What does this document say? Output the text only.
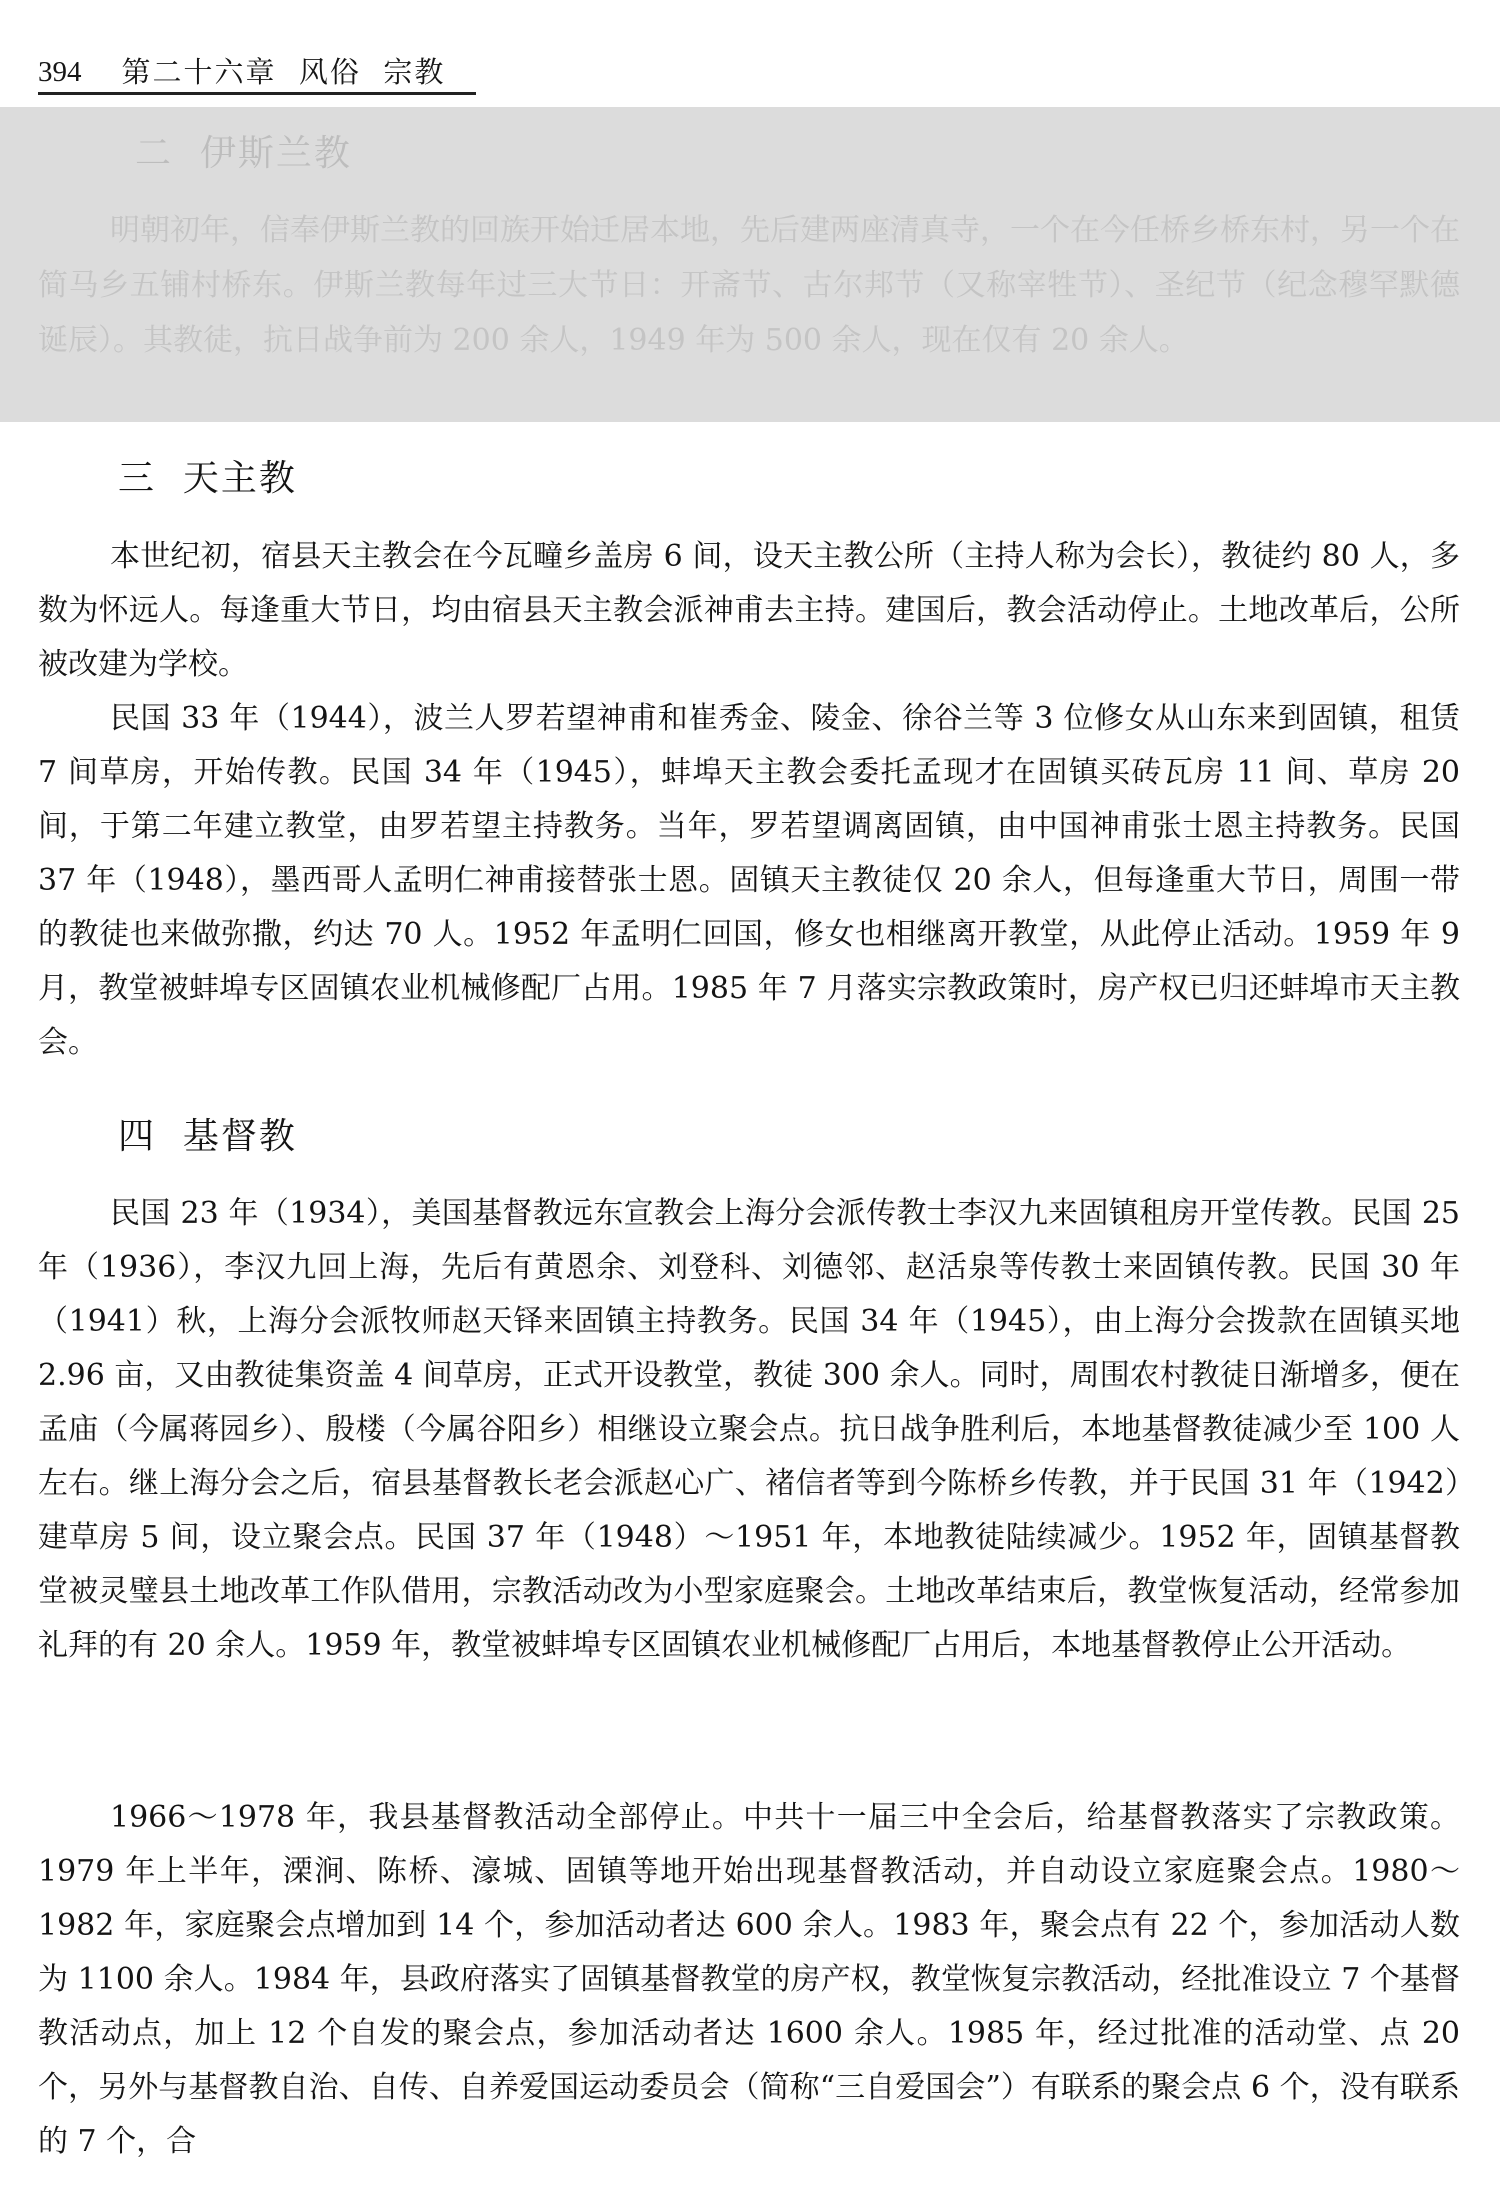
394 第二十六章  风俗  宗教
二  伊斯兰教
明朝初年，信奉伊斯兰教的回族开始迁居本地，先后建两座清真寺，一个在今任桥乡桥东村，另一个在简马乡五铺村桥东。伊斯兰教每年过三大节日：开斋节、古尔邦节（又称宰牲节）、圣纪节（纪念穆罕默德诞辰）。其教徒，抗日战争前为 200 余人，1949 年为 500 余人，现在仅有 20 余人。
三  天主教
本世纪初，宿县天主教会在今瓦疃乡盖房 6 间，设天主教公所（主持人称为会长），教徒约 80 人，多数为怀远人。每逢重大节日，均由宿县天主教会派神甫去主持。建国后，教会活动停止。土地改革后，公所被改建为学校。
民国 33 年（1944），波兰人罗若望神甫和崔秀金、陵金、徐谷兰等 3 位修女从山东来到固镇，租赁 7 间草房，开始传教。民国 34 年（1945），蚌埠天主教会委托孟现才在固镇买砖瓦房 11 间、草房 20 间，于第二年建立教堂，由罗若望主持教务。当年，罗若望调离固镇，由中国神甫张士恩主持教务。民国 37 年（1948），墨西哥人孟明仁神甫接替张士恩。固镇天主教徒仅 20 余人，但每逢重大节日，周围一带的教徒也来做弥撒，约达 70 人。1952 年孟明仁回国，修女也相继离开教堂，从此停止活动。1959 年 9 月，教堂被蚌埠专区固镇农业机械修配厂占用。1985 年 7 月落实宗教政策时，房产权已归还蚌埠市天主教会。
四  基督教
民国 23 年（1934），美国基督教远东宣教会上海分会派传教士李汉九来固镇租房开堂传教。民国 25 年（1936），李汉九回上海，先后有黄恩余、刘登科、刘德邻、赵活泉等传教士来固镇传教。民国 30 年（1941）秋，上海分会派牧师赵天铎来固镇主持教务。民国 34 年（1945），由上海分会拨款在固镇买地 2.96 亩，又由教徒集资盖 4 间草房，正式开设教堂，教徒 300 余人。同时，周围农村教徒日渐增多，便在孟庙（今属蒋园乡）、殷楼（今属谷阳乡）相继设立聚会点。抗日战争胜利后，本地基督教徒减少至 100 人左右。继上海分会之后，宿县基督教长老会派赵心广、褚信者等到今陈桥乡传教，并于民国 31 年（1942）建草房 5 间，设立聚会点。民国 37 年（1948）～1951 年，本地教徒陆续减少。1952 年，固镇基督教堂被灵璧县土地改革工作队借用，宗教活动改为小型家庭聚会。土地改革结束后，教堂恢复活动，经常参加礼拜的有 20 余人。1959 年，教堂被蚌埠专区固镇农业机械修配厂占用后，本地基督教停止公开活动。
1966～1978 年，我县基督教活动全部停止。中共十一届三中全会后，给基督教落实了宗教政策。1979 年上半年，溧涧、陈桥、濠城、固镇等地开始出现基督教活动，并自动设立家庭聚会点。1980～1982 年，家庭聚会点增加到 14 个，参加活动者达 600 余人。1983 年，聚会点有 22 个，参加活动人数为 1100 余人。1984 年，县政府落实了固镇基督教堂的房产权，教堂恢复宗教活动，经批准设立 7 个基督教活动点，加上 12 个自发的聚会点，参加活动者达 1600 余人。1985 年，经过批准的活动堂、点 20 个，另外与基督教自治、自传、自养爱国运动委员会（简称“三自爱国会”）有联系的聚会点 6 个，没有联系的 7 个，合
